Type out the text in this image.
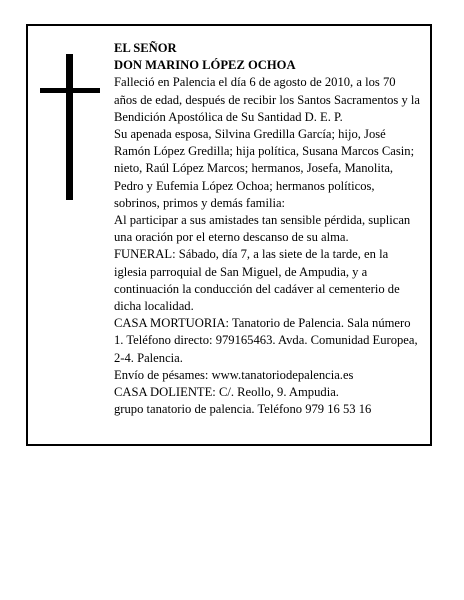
EL SEÑOR

DON MARINO LÓPEZ OCHOA

Falleció en Palencia el día 6 de agosto de 2010, a los 70 años de edad, después de recibir los Santos Sacramentos y la Bendición Apostólica de Su Santidad D. E. P.

Su apenada esposa, Silvina Gredilla García; hijo, José Ramón López Gredilla; hija política, Susana Marcos Casin; nieto, Raúl López Marcos; hermanos, Josefa, Manolita, Pedro y Eufemia López Ochoa; hermanos políticos, sobrinos, primos y demás familia:

Al participar a sus amistades tan sensible pérdida, suplican una oración por el eterno descanso de su alma.

FUNERAL: Sábado, día 7, a las siete de la tarde, en la iglesia parroquial de San Miguel, de Ampudia, y a continuación la conducción del cadáver al cementerio de dicha localidad.

CASA MORTUORIA: Tanatorio de Palencia. Sala número 1. Teléfono directo: 979165463. Avda. Comunidad Europea, 2-4. Palencia.

Envío de pésames: www.tanatoriodepalencia.es

CASA DOLIENTE: C/. Reollo, 9. Ampudia.

grupo tanatorio de palencia. Teléfono 979 16 53 16
